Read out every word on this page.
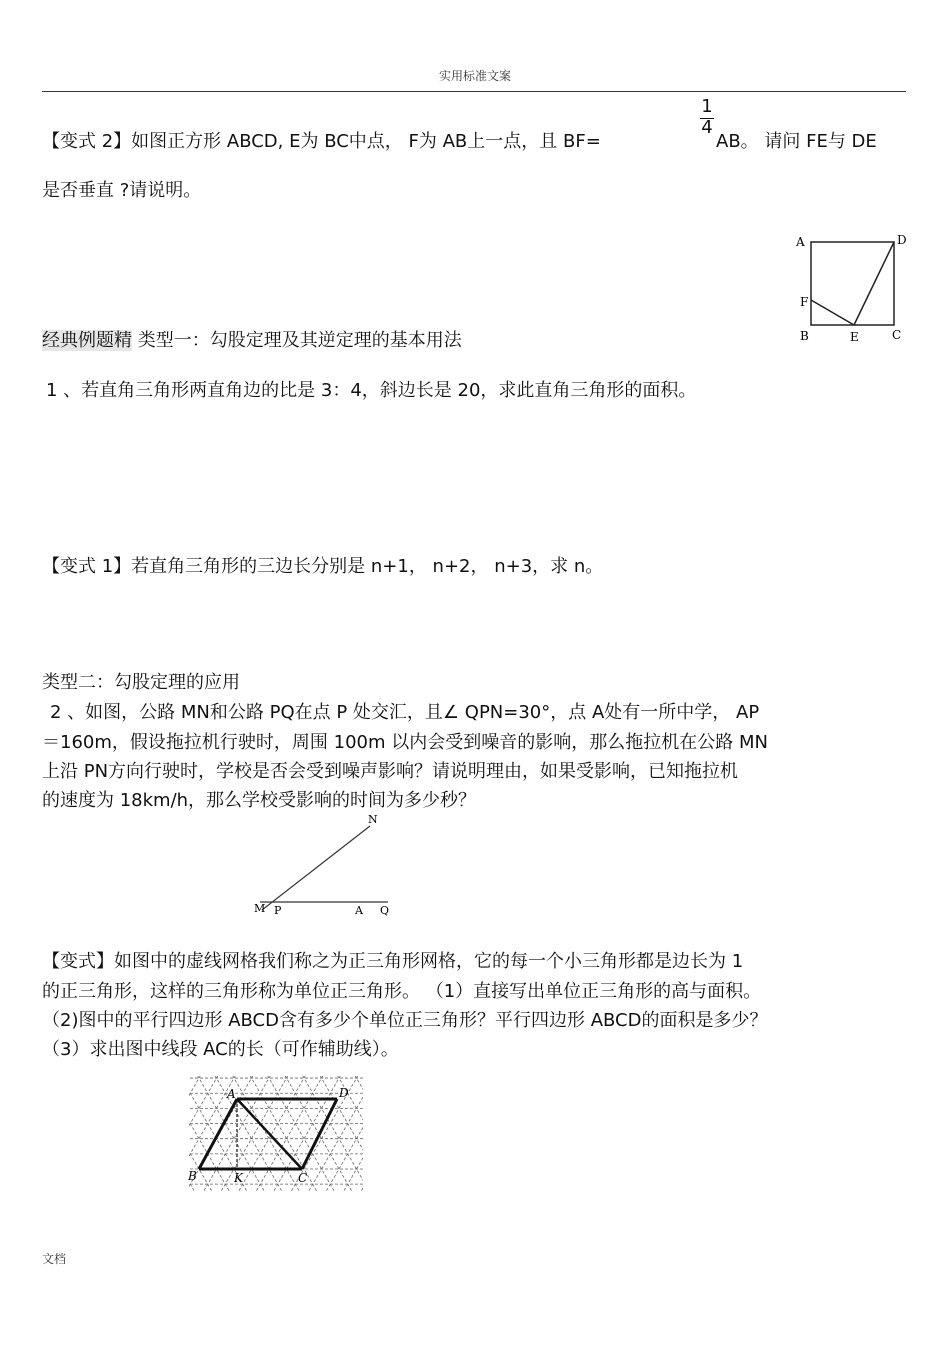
实用标准文案
【变式 2】如图正方形 ABCD, E为 BC中点， F为 AB上一点，且 BF=
1
4
AB。 请问 FE与 DE
是否垂直 ?请说明。
A	D
F
B	E	C
经典例题精 类型一：勾股定理及其逆定理的基本用法
1 、若直角三角形两直角边的比是 3：4，斜边长是 20，求此直角三角形的面积。
【变式 1】若直角三角形的三边长分别是 n+1， n+2， n+3，求 n。
类型二：勾股定理的应用
2 、如图，公路 MN和公路 PQ在点 P 处交汇，且∠ QPN=30°，点 A处有一所中学， AP
＝160m，假设拖拉机行驶时，周围 100m 以内会受到噪音的影响，那么拖拉机在公路 MN
上沿 PN方向行驶时，学校是否会受到噪声影响？请说明理由，如果受影响，已知拖拉机
的速度为 18km/h，那么学校受影响的时间为多少秒？
N
M P	A Q
【变式】如图中的虚线网格我们称之为正三角形网格，它的每一个小三角形都是边长为 1
的正三角形，这样的三角形称为单位正三角形。 （1）直接写出单位正三角形的高与面积。
（2)图中的平行四边形 ABCD含有多少个单位正三角形？平行四边形 ABCD的面积是多少？
（3）求出图中线段 AC的长（可作辅助线）。
A	D
B	K	C
文档
